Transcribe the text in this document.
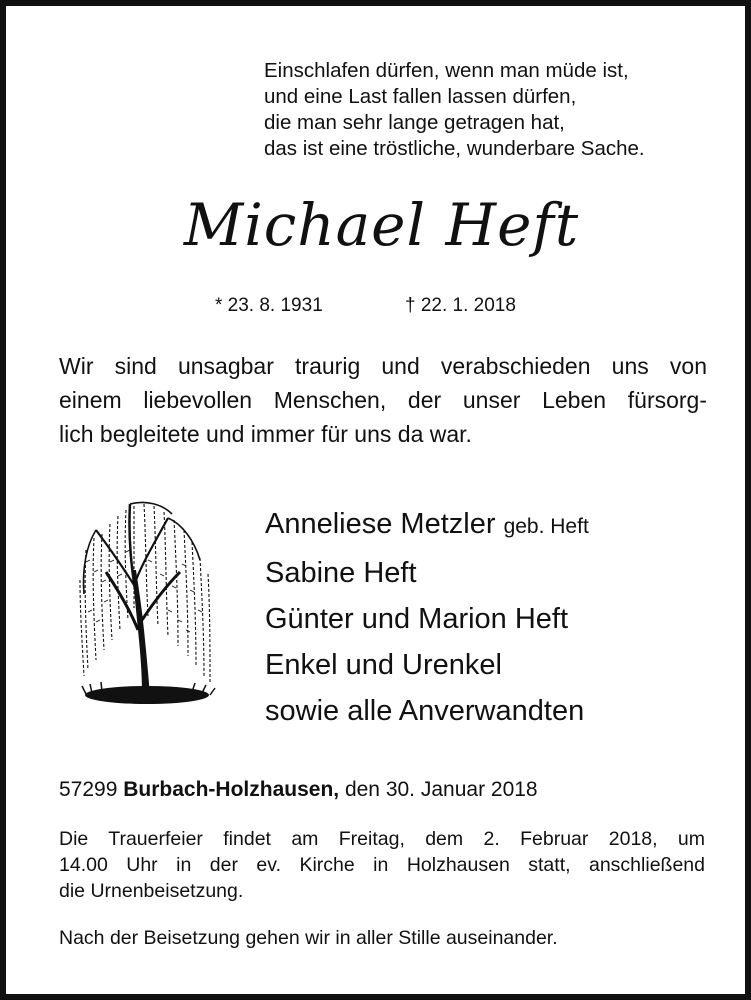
Einschlafen dürfen, wenn man müde ist,
und eine Last fallen lassen dürfen,
die man sehr lange getragen hat,
das ist eine tröstliche, wunderbare Sache.
Michael Heft
* 23. 8. 1931	† 22. 1. 2018
Wir sind unsagbar traurig und verabschieden uns von
einem liebevollen Menschen, der unser Leben fürsorg-
lich begleitete und immer für uns da war.
Anneliese Metzler geb. Heft
Sabine Heft
Günter und Marion Heft
Enkel und Urenkel
sowie alle Anverwandten
57299 Burbach-Holzhausen, den 30. Januar 2018
Die Trauerfeier findet am Freitag, dem 2. Februar 2018, um
14.00 Uhr in der ev. Kirche in Holzhausen statt, anschließend
die Urnenbeisetzung.
Nach der Beisetzung gehen wir in aller Stille auseinander.
